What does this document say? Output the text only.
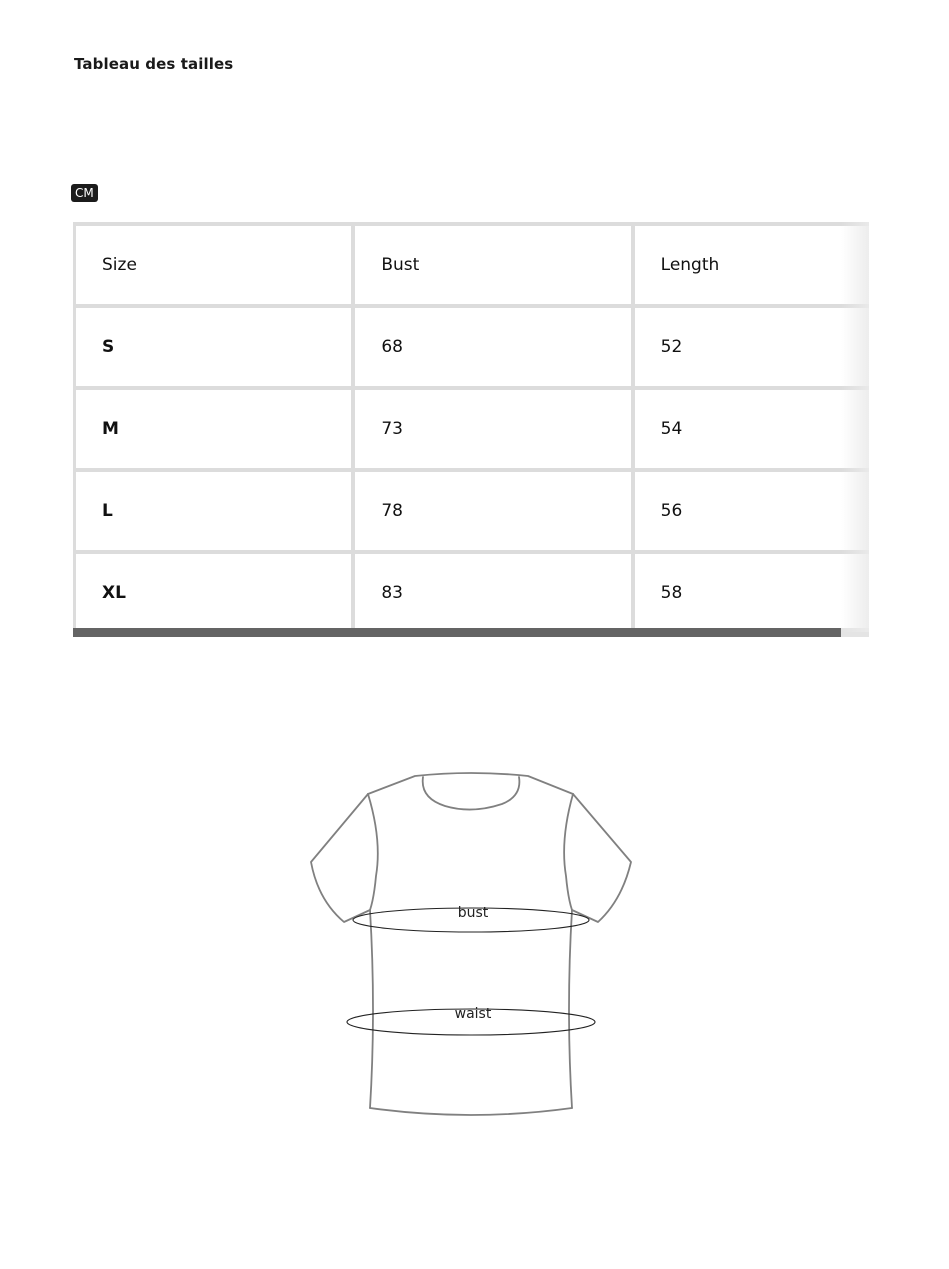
Tableau des tailles
CM
Size	Bust	Length
S	68	52
M	73	54
L	78	56
XL	83	58
bust
waist
